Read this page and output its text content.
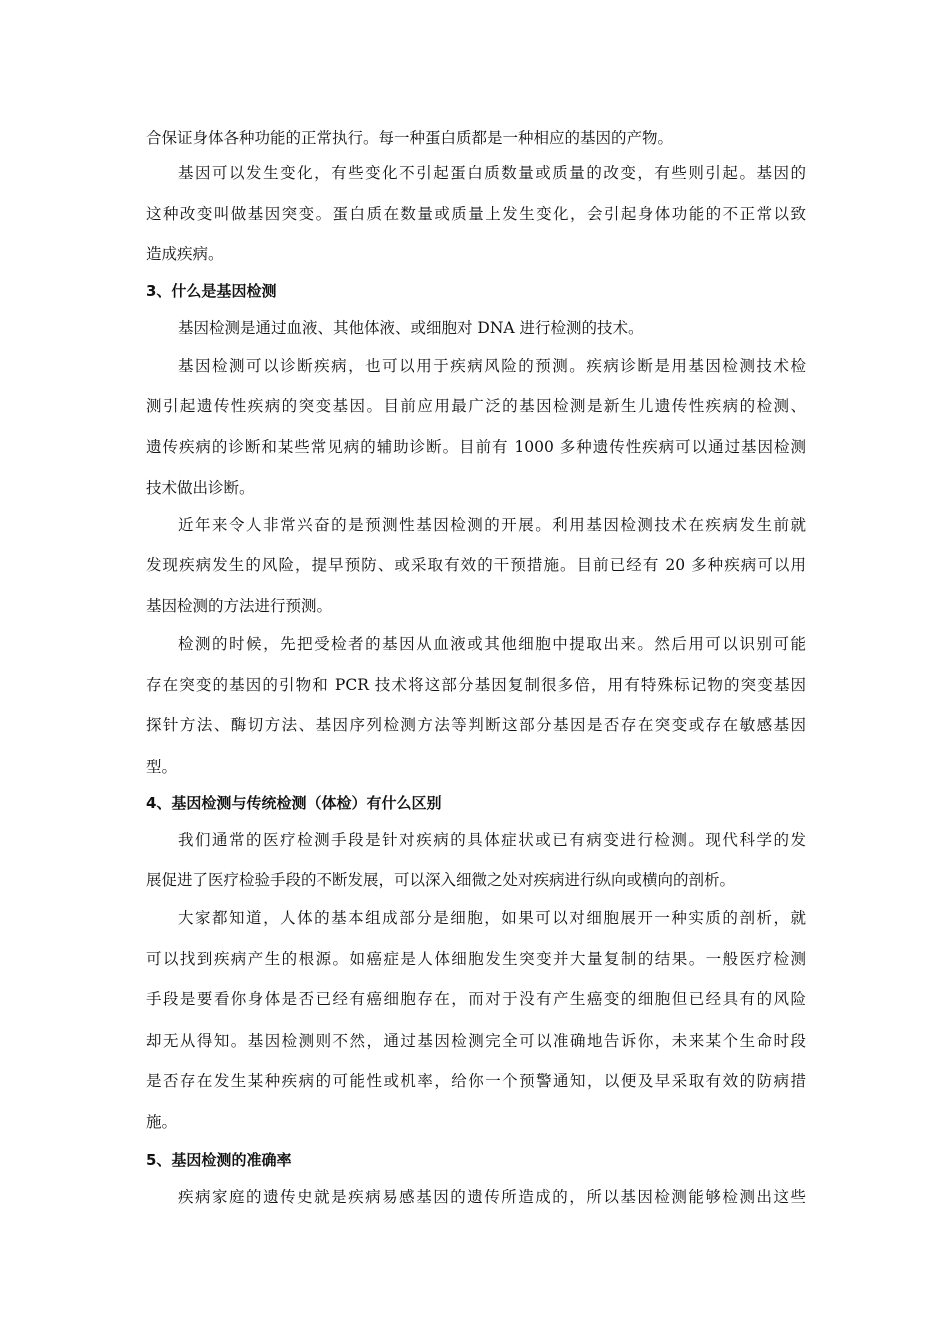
合保证身体各种功能的正常执行。每一种蛋白质都是一种相应的基因的产物。
基因可以发生变化，有些变化不引起蛋白质数量或质量的改变，有些则引起。基因的
这种改变叫做基因突变。蛋白质在数量或质量上发生变化，会引起身体功能的不正常以致
造成疾病。
3、什么是基因检测
基因检测是通过血液、其他体液、或细胞对 DNA 进行检测的技术。
基因检测可以诊断疾病，也可以用于疾病风险的预测。疾病诊断是用基因检测技术检
测引起遗传性疾病的突变基因。目前应用最广泛的基因检测是新生儿遗传性疾病的检测、
遗传疾病的诊断和某些常见病的辅助诊断。目前有 1000 多种遗传性疾病可以通过基因检测
技术做出诊断。
近年来令人非常兴奋的是预测性基因检测的开展。利用基因检测技术在疾病发生前就
发现疾病发生的风险，提早预防、或采取有效的干预措施。目前已经有 20 多种疾病可以用
基因检测的方法进行预测。
检测的时候，先把受检者的基因从血液或其他细胞中提取出来。然后用可以识别可能
存在突变的基因的引物和 PCR 技术将这部分基因复制很多倍，用有特殊标记物的突变基因
探针方法、酶切方法、基因序列检测方法等判断这部分基因是否存在突变或存在敏感基因
型。
4、基因检测与传统检测（体检）有什么区别
我们通常的医疗检测手段是针对疾病的具体症状或已有病变进行检测。现代科学的发
展促进了医疗检验手段的不断发展，可以深入细微之处对疾病进行纵向或横向的剖析。
大家都知道，人体的基本组成部分是细胞，如果可以对细胞展开一种实质的剖析，就
可以找到疾病产生的根源。如癌症是人体细胞发生突变并大量复制的结果。一般医疗检测
手段是要看你身体是否已经有癌细胞存在，而对于没有产生癌变的细胞但已经具有的风险
却无从得知。基因检测则不然，通过基因检测完全可以准确地告诉你，未来某个生命时段
是否存在发生某种疾病的可能性或机率，给你一个预警通知，以便及早采取有效的防病措
施。
5、基因检测的准确率
疾病家庭的遗传史就是疾病易感基因的遗传所造成的，所以基因检测能够检测出这些
